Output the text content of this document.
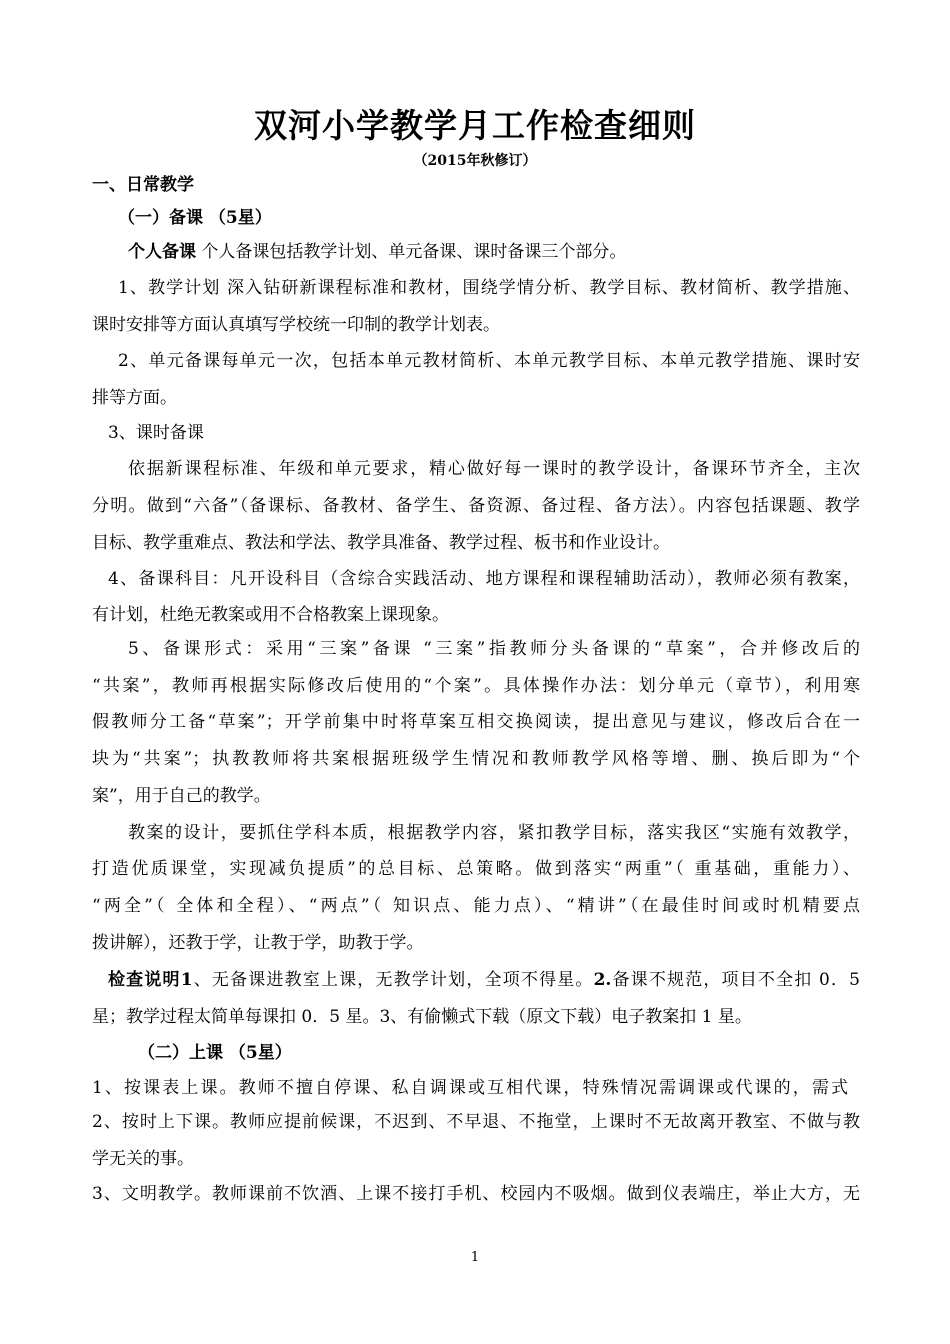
双河小学教学月工作检查细则
（2015年秋修订）
一、日常教学
（一）备课 （5星）
个人备课 个人备课包括教学计划、单元备课、课时备课三个部分。
1、教学计划 深入钻研新课程标准和教材，围绕学情分析、教学目标、教材简析、教学措施、
课时安排等方面认真填写学校统一印制的教学计划表。
2、单元备课每单元一次，包括本单元教材简析、本单元教学目标、本单元教学措施、课时安
排等方面。
3、课时备课
依据新课程标准、年级和单元要求，精心做好每一课时的教学设计，备课环节齐全，主次
分明。做到“六备”（备课标、备教材、备学生、备资源、备过程、备方法）。内容包括课题、教学
目标、教学重难点、教法和学法、教学具准备、教学过程、板书和作业设计。
4、备课科目：凡开设科目（含综合实践活动、地方课程和课程辅助活动），教师必须有教案，
有计划，杜绝无教案或用不合格教案上课现象。
5、备课形式：采用“三案”备课 “三案”指教师分头备课的“草案”，合并修改后的
“共案”，教师再根据实际修改后使用的“个案”。具体操作办法：划分单元（章节），利用寒
假教师分工备“草案”；开学前集中时将草案互相交换阅读，提出意见与建议，修改后合在一
块为“共案”；执教教师将共案根据班级学生情况和教师教学风格等增、删、换后即为“个
案”，用于自己的教学。
教案的设计，要抓住学科本质，根据教学内容，紧扣教学目标，落实我区“实施有效教学，
打造优质课堂，实现减负提质”的总目标、总策略。做到落实“两重”（ 重基础，重能力）、
“两全”（ 全体和全程）、“两点”（ 知识点、能力点）、“精讲”（在最佳时间或时机精要点
拨讲解），还教于学，让教于学，助教于学。
检查说明1、无备课进教室上课，无教学计划，全项不得星。2.备课不规范，项目不全扣 0．5
星；教学过程太简单每课扣 0．5 星。3、有偷懒式下载（原文下载）电子教案扣 1 星。
（二）上课 （5星）
1、按课表上课。教师不擅自停课、私自调课或互相代课，特殊情况需调课或代课的，需式
2、按时上下课。教师应提前候课，不迟到、不早退、不拖堂，上课时不无故离开教室、不做与教
学无关的事。
3、文明教学。教师课前不饮酒、上课不接打手机、校园内不吸烟。做到仪表端庄，举止大方，无
1
